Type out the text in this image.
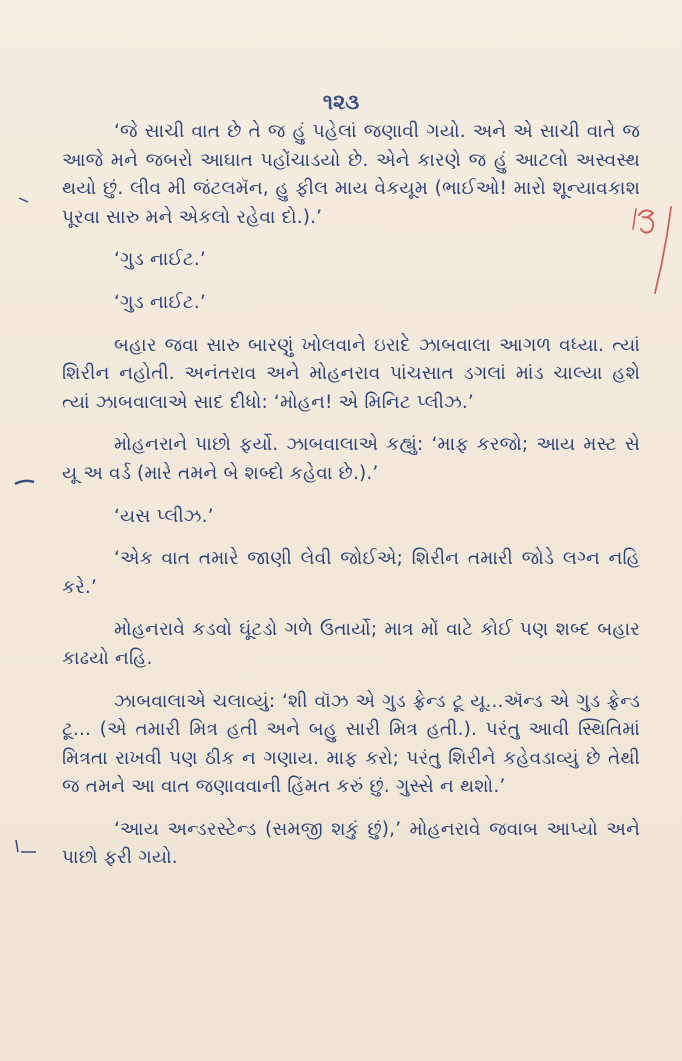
૧૨૩

‘જે સાચી વાત છે તે જ હું પહેલાં જણાવી ગયો. અને એ સાચી વાતે જ આજે મને જબરો આઘાત પહોંચાડયો છે. એને કારણે જ હું આટલો અસ્વસ્થ થયો છું. લીવ મી જંટલમૅન, હુ ફીલ માય વેકયૂમ (ભાઈઓ! મારો શૂન્યાવકાશ પૂરવા સારુ મને એકલો રહેવા દો.).’

‘ગુડ નાઈટ.’

‘ગુડ નાઈટ.’

બહાર જવા સારુ બારણું ખોલવાને ઇરાદે ઝાબવાલા આગળ વધ્યા. ત્યાં શિરીન નહોતી. અનંતરાવ અને મોહનરાવ પાંચસાત ડગલાં માંડ ચાલ્યા હશે ત્યાં ઝાબવાલાએ સાદ દીધો: ‘મોહન! એ મિનિટ પ્લીઝ.’

મોહનરાને પાછો ફર્યો. ઝાબવાલાએ કહ્યું: ‘માફ કરજો; આય મસ્ટ સે યૂ અ વર્ડ (મારે તમને બે શબ્દો કહેવા છે.).’

‘યસ પ્લીઝ.’

‘એક વાત તમારે જાણી લેવી જોઈએ; શિરીન તમારી જોડે લગ્ન નહિ કરે.’

મોહનરાવે કડવો ઘૂંટડો ગળે ઉતાર્યો; માત્ર મોં વાટે કોઈ પણ શબ્દ બહાર કાઢયો નહિ.

ઝાબવાલાએ ચલાવ્યું: ‘શી વૉઝ એ ગુડ ફ્રેન્ડ ટૂ યૂ...ઍન્ડ એ ગુડ ફ્રેન્ડ ટૂ... (એ તમારી મિત્ર હતી અને બહુ સારી મિત્ર હતી.). પરંતુ આવી સ્થિતિમાં મિત્રતા રાખવી પણ ઠીક ન ગણાય. માફ કરો; પરંતુ શિરીને કહેવડાવ્યું છે તેથી જ તમને આ વાત જણાવવાની હિંમત કરું છું. ગુસ્સે ન થશો.’

‘આય અન્ડરસ્ટેન્ડ (સમજી શકું છું),’ મોહનરાવે જવાબ આપ્યો અને પાછો ફરી ગયો.
